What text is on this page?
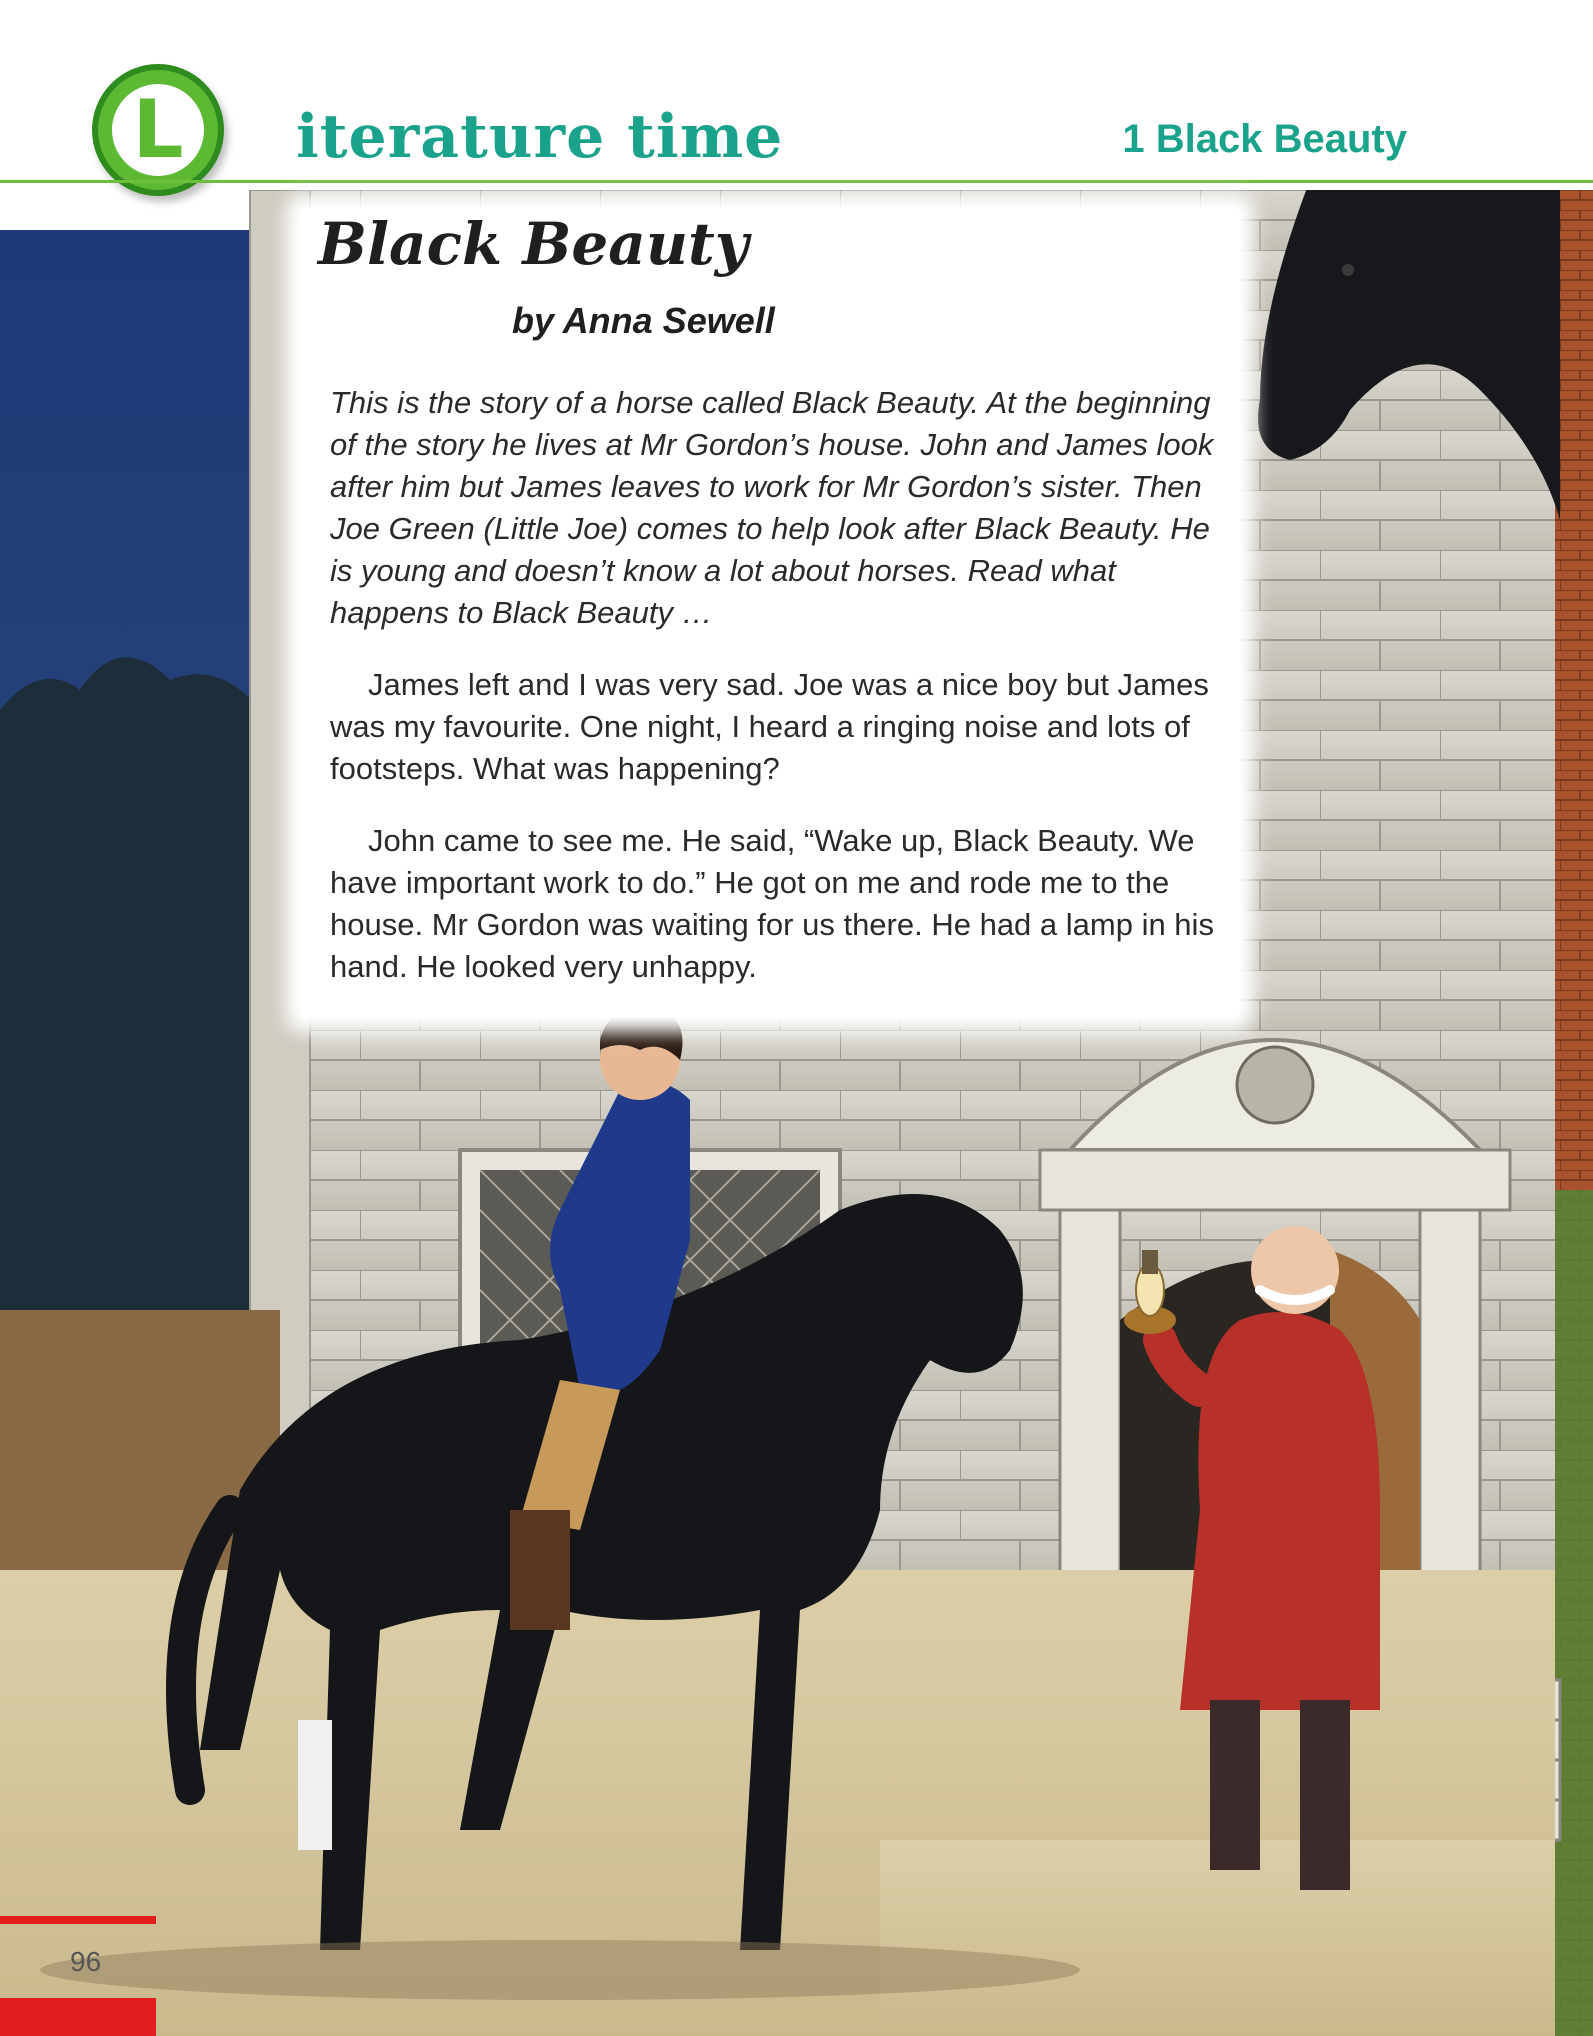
L	iterature time	1 Black Beauty
Black Beauty
by Anna Sewell

This is the story of a horse called Black Beauty. At the beginning of the story he lives at Mr Gordon’s house. John and James look after him but James leaves to work for Mr Gordon’s sister. Then Joe Green (Little Joe) comes to help look after Black Beauty. He is young and doesn’t know a lot about horses. Read what happens to Black Beauty …

James left and I was very sad. Joe was a nice boy but James was my favourite. One night, I heard a ringing noise and lots of footsteps. What was happening?

John came to see me. He said, “Wake up, Black Beauty. We have important work to do.” He got on me and rode me to the house. Mr Gordon was waiting for us there. He had a lamp in his hand. He looked very unhappy.

96
